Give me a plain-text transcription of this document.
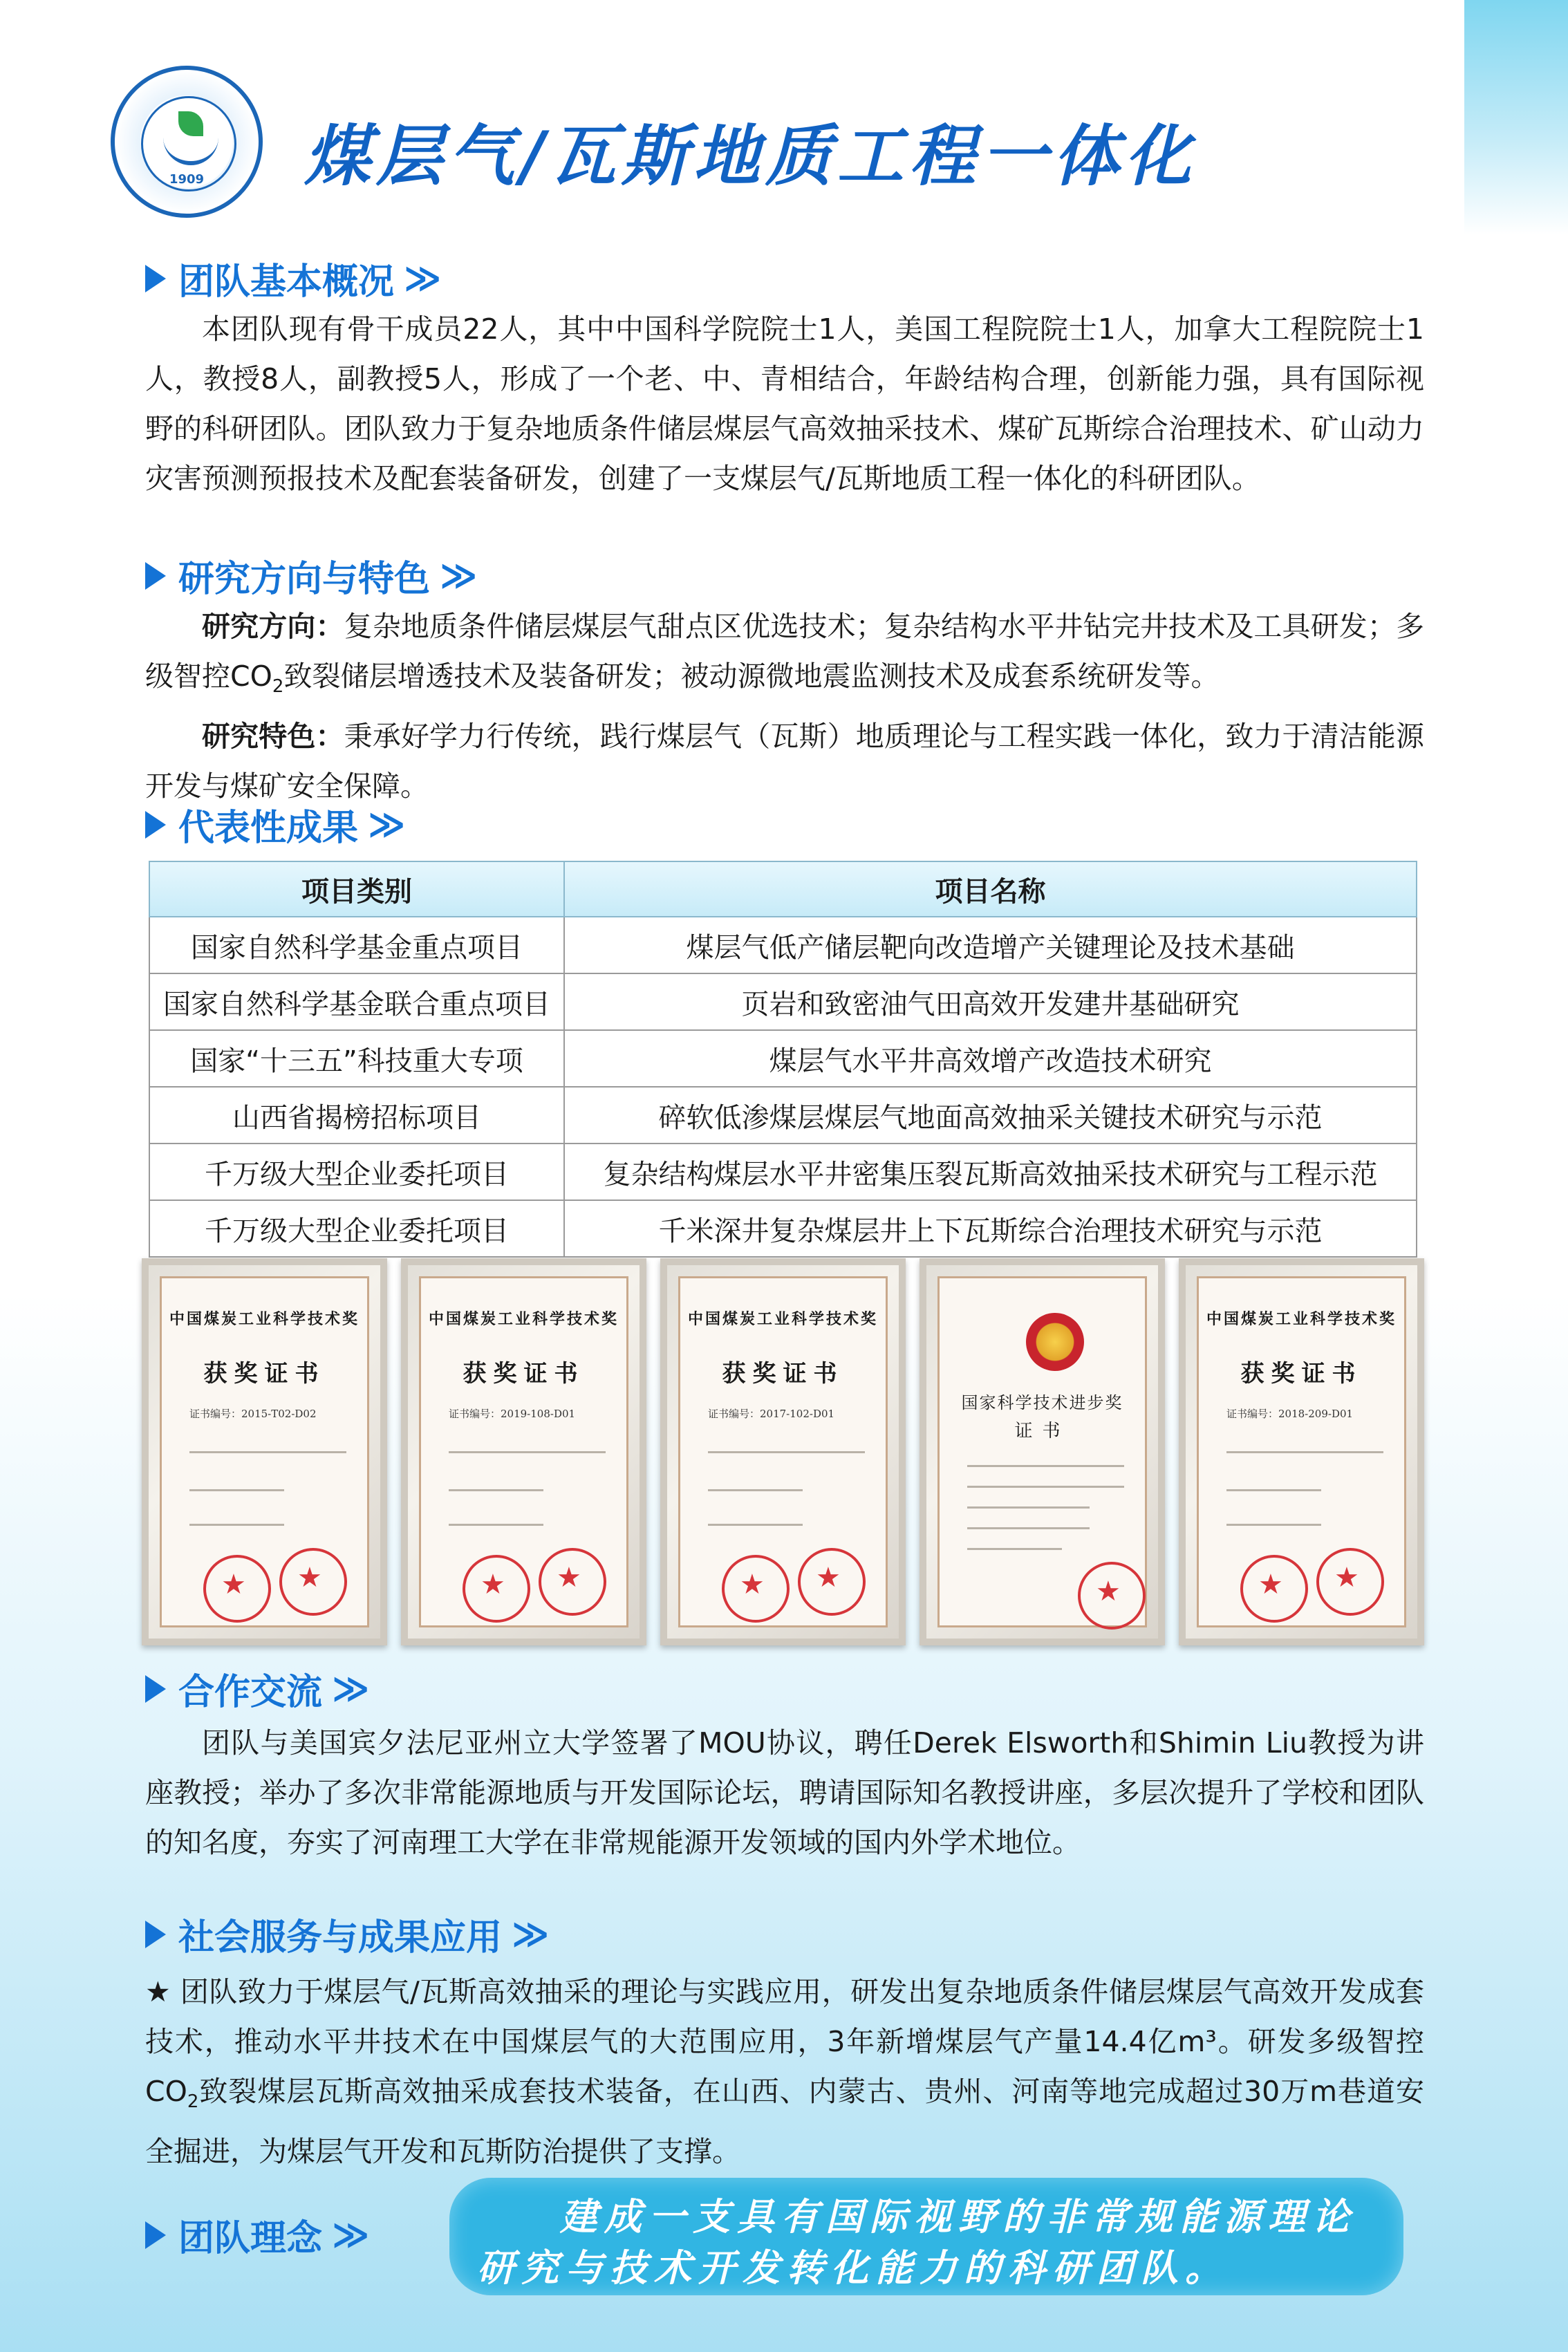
1909	煤层气/瓦斯地质工程一体化
团队基本概况 ≫

本团队现有骨干成员22人，其中中国科学院院士1人，美国工程院院士1人，加拿大工程院院士1人，教授8人，副教授5人，形成了一个老、中、青相结合，年龄结构合理，创新能力强，具有国际视野的科研团队。团队致力于复杂地质条件储层煤层气高效抽采技术、煤矿瓦斯综合治理技术、矿山动力灾害预测预报技术及配套装备研发，创建了一支煤层气/瓦斯地质工程一体化的科研团队。

研究方向与特色 ≫

研究方向：复杂地质条件储层煤层气甜点区优选技术；复杂结构水平井钻完井技术及工具研发；多级智控$CO_2$致裂储层增透技术及装备研发；被动源微地震监测技术及成套系统研发等。

研究特色：秉承好学力行传统，践行煤层气（瓦斯）地质理论与工程实践一体化，致力于清洁能源开发与煤矿安全保障。

代表性成果 ≫
项目类别	项目名称
国家自然科学基金重点项目	煤层气低产储层靶向改造增产关键理论及技术基础
国家自然科学基金联合重点项目	页岩和致密油气田高效开发建井基础研究
国家“十三五”科技重大专项	煤层气水平井高效增产改造技术研究
山西省揭榜招标项目	碎软低渗煤层煤层气地面高效抽采关键技术研究与示范
千万级大型企业委托项目	复杂结构煤层水平井密集压裂瓦斯高效抽采技术研究与工程示范
千万级大型企业委托项目	千米深井复杂煤层井上下瓦斯综合治理技术研究与示范
中国煤炭工业科学技术奖
获奖证书
证书编号：2015-T02-D02
★
★
中国煤炭工业科学技术奖
获奖证书
证书编号：2019-108-D01
★
★
中国煤炭工业科学技术奖
获奖证书
证书编号：2017-102-D01
★
★
国家科学技术进步奖
证书
★
中国煤炭工业科学技术奖
获奖证书
证书编号：2018-209-D01
★
★
合作交流 ≫

团队与美国宾夕法尼亚州立大学签署了MOU协议，聘任Derek Elsworth和Shimin Liu教授为讲座教授；举办了多次非常能源地质与开发国际论坛，聘请国际知名教授讲座，多层次提升了学校和团队的知名度，夯实了河南理工大学在非常规能源开发领域的国内外学术地位。

社会服务与成果应用 ≫

★ 团队致力于煤层气/瓦斯高效抽采的理论与实践应用，研发出复杂地质条件储层煤层气高效开发成套技术，推动水平井技术在中国煤层气的大范围应用，3年新增煤层气产量14.4亿m³。研发多级智控$CO_2$致裂煤层瓦斯高效抽采成套技术装备，在山西、内蒙古、贵州、河南等地完成超过30万m巷道安全掘进，为煤层气开发和瓦斯防治提供了支撑。

团队理念 ≫	建成一支具有国际视野的非常规能源理论
研究与技术开发转化能力的科研团队。
